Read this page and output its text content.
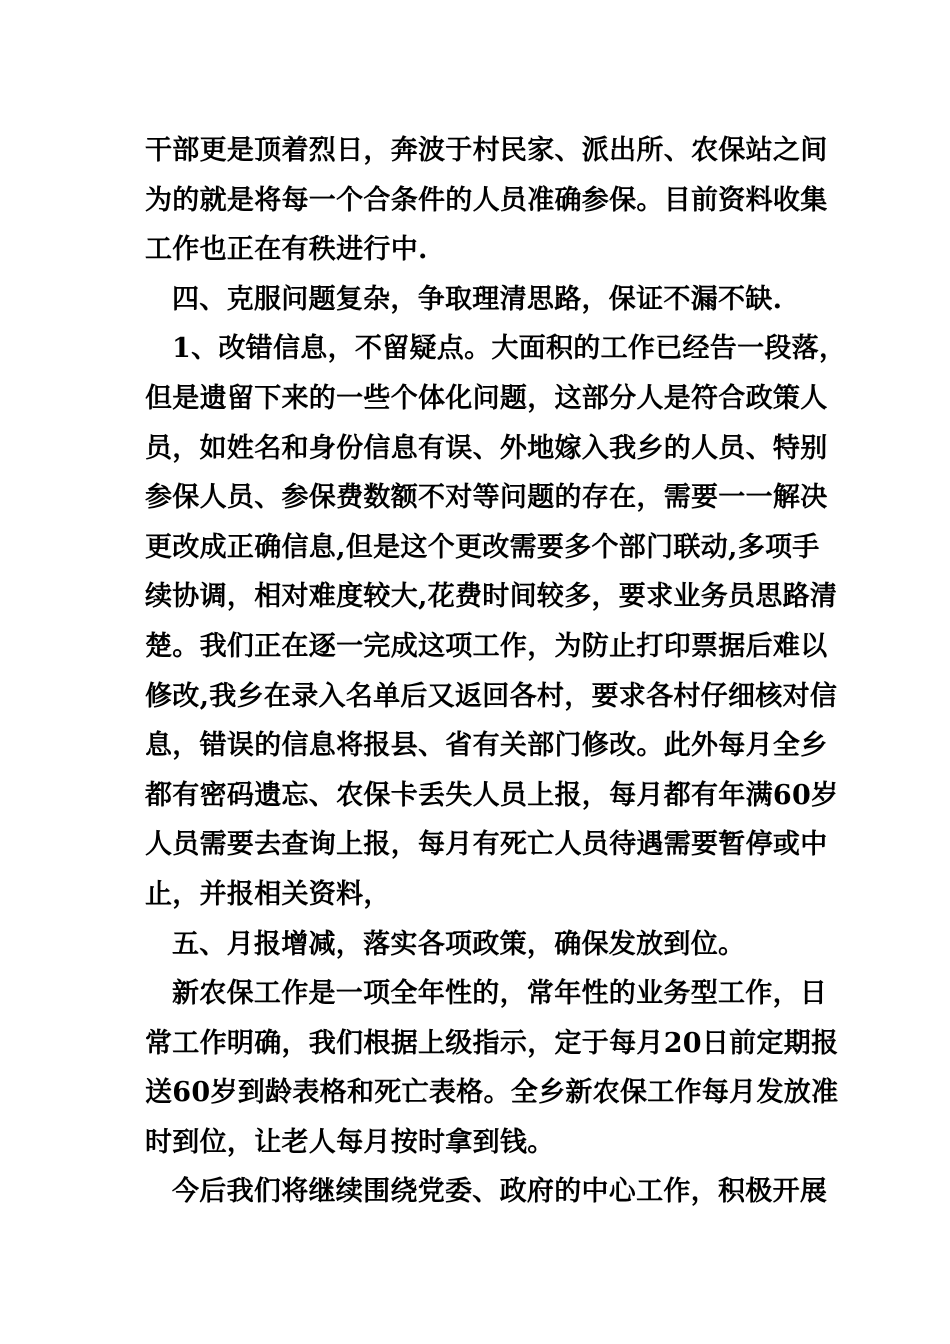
干部更是顶着烈日，奔波于村民家、派出所、农保站之间
为的就是将每一个合条件的人员准确参保。目前资料收集
工作也正在有秩进行中.
四、克服问题复杂，争取理清思路，保证不漏不缺.
1、改错信息，不留疑点。大面积的工作已经告一段落，
但是遗留下来的一些个体化问题，这部分人是符合政策人
员，如姓名和身份信息有误、外地嫁入我乡的人员、特别
参保人员、参保费数额不对等问题的存在，需要一一解决
更改成正确信息,但是这个更改需要多个部门联动,多项手
续协调，相对难度较大,花费时间较多，要求业务员思路清
楚。我们正在逐一完成这项工作，为防止打印票据后难以
修改,我乡在录入名单后又返回各村，要求各村仔细核对信
息，错误的信息将报县、省有关部门修改。此外每月全乡
都有密码遗忘、农保卡丢失人员上报，每月都有年满60岁
人员需要去查询上报，每月有死亡人员待遇需要暂停或中
止，并报相关资料，
五、月报增减，落实各项政策，确保发放到位。
新农保工作是一项全年性的，常年性的业务型工作，日
常工作明确，我们根据上级指示，定于每月20日前定期报
送60岁到龄表格和死亡表格。全乡新农保工作每月发放准
时到位，让老人每月按时拿到钱。
今后我们将继续围绕党委、政府的中心工作，积极开展
